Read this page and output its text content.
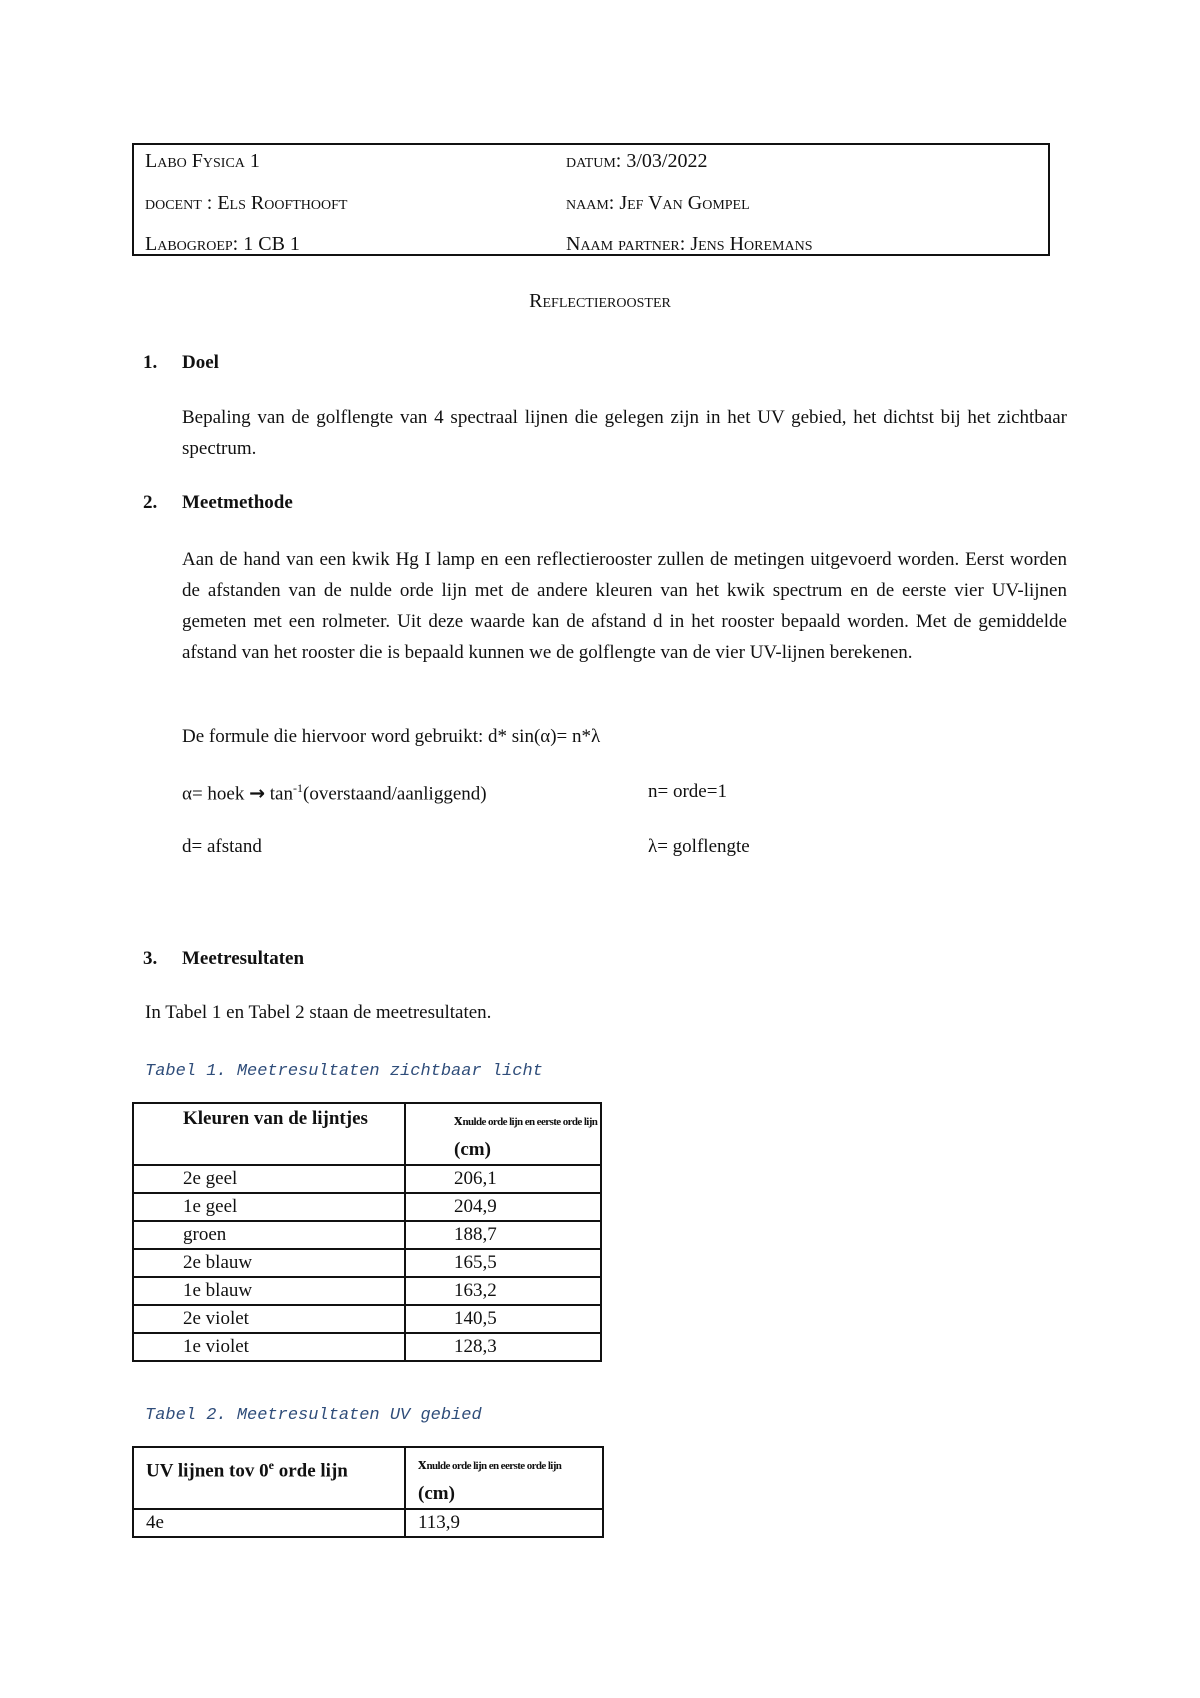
Labo Fysica 1	datum: 3/03/2022
docent : Els Roofthooft	naam: Jef Van Gompel
Labogroep: 1 CB 1	Naam partner: Jens Horemans
Reflectierooster
1. Doel
Bepaling van de golflengte van 4 spectraal lijnen die gelegen zijn in het UV gebied, het dichtst bij het zichtbaar spectrum.
2. Meetmethode
Aan de hand van een kwik Hg I lamp en een reflectierooster zullen de metingen uitgevoerd worden. Eerst worden de afstanden van de nulde orde lijn met de andere kleuren van het kwik spectrum en de eerste vier UV-lijnen gemeten met een rolmeter. Uit deze waarde kan de afstand d in het rooster bepaald worden. Met de gemiddelde afstand van het rooster die is bepaald kunnen we de golflengte van de vier UV-lijnen berekenen.
De formule die hiervoor word gebruikt: d* sin(α)= n*λ
α= hoek → $\tan^{-1}(overstaand/aanliggend)$	n= orde=1
d= afstand	λ= golflengte
3. Meetresultaten
In Tabel 1 en Tabel 2 staan de meetresultaten.
Tabel 1. Meetresultaten zichtbaar licht
Kleuren van de lijntjes	xnulde orde lijn en eerste orde lijn (cm)

2e geel	206,1
1e geel	204,9
groen	188,7
2e blauw	165,5
1e blauw	163,2
2e violet	140,5
1e violet	128,3
Tabel 2. Meetresultaten UV gebied
UV lijnen tov 0e orde lijn	xnulde orde lijn en eerste orde lijn (cm)

4e	113,9
